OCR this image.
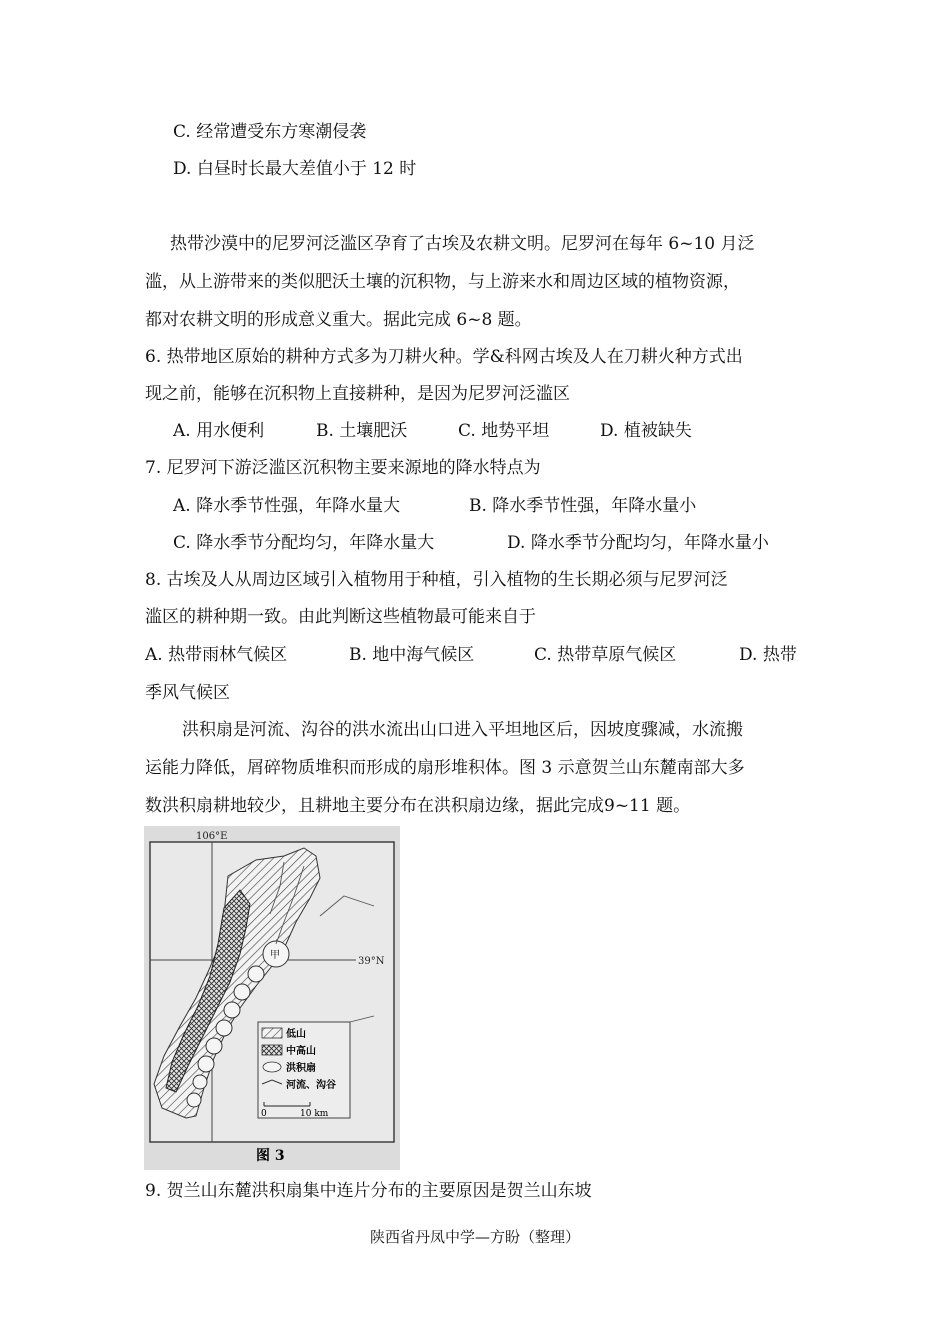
C. 经常遭受东方寒潮侵袭
D. 白昼时长最大差值小于 12 时
热带沙漠中的尼罗河泛滥区孕育了古埃及农耕文明。尼罗河在每年 6~10 月泛
滥，从上游带来的类似肥沃土壤的沉积物，与上游来水和周边区域的植物资源，
都对农耕文明的形成意义重大。据此完成 6~8 题。
6. 热带地区原始的耕种方式多为刀耕火种。学&科网古埃及人在刀耕火种方式出
现之前，能够在沉积物上直接耕种，是因为尼罗河泛滥区
A. 用水便利	B. 土壤肥沃	C. 地势平坦	D. 植被缺失
7. 尼罗河下游泛滥区沉积物主要来源地的降水特点为
A. 降水季节性强，年降水量大	B. 降水季节性强，年降水量小
C. 降水季节分配均匀，年降水量大	D. 降水季节分配均匀，年降水量小
8. 古埃及人从周边区域引入植物用于种植，引入植物的生长期必须与尼罗河泛
滥区的耕种期一致。由此判断这些植物最可能来自于
A. 热带雨林气候区	B. 地中海气候区	C. 热带草原气候区	D. 热带
季风气候区
洪积扇是河流、沟谷的洪水流出山口进入平坦地区后，因坡度骤减，水流搬
运能力降低，屑碎物质堆积而形成的扇形堆积体。图 3 示意贺兰山东麓南部大多
数洪积扇耕地较少，且耕地主要分布在洪积扇边缘，据此完成9~11 题。
106°E
39°N
甲
低山
中高山
洪积扇
河流、沟谷
0	10 km
图 3
9. 贺兰山东麓洪积扇集中连片分布的主要原因是贺兰山东坡
陕西省丹凤中学—方盼（整理）
